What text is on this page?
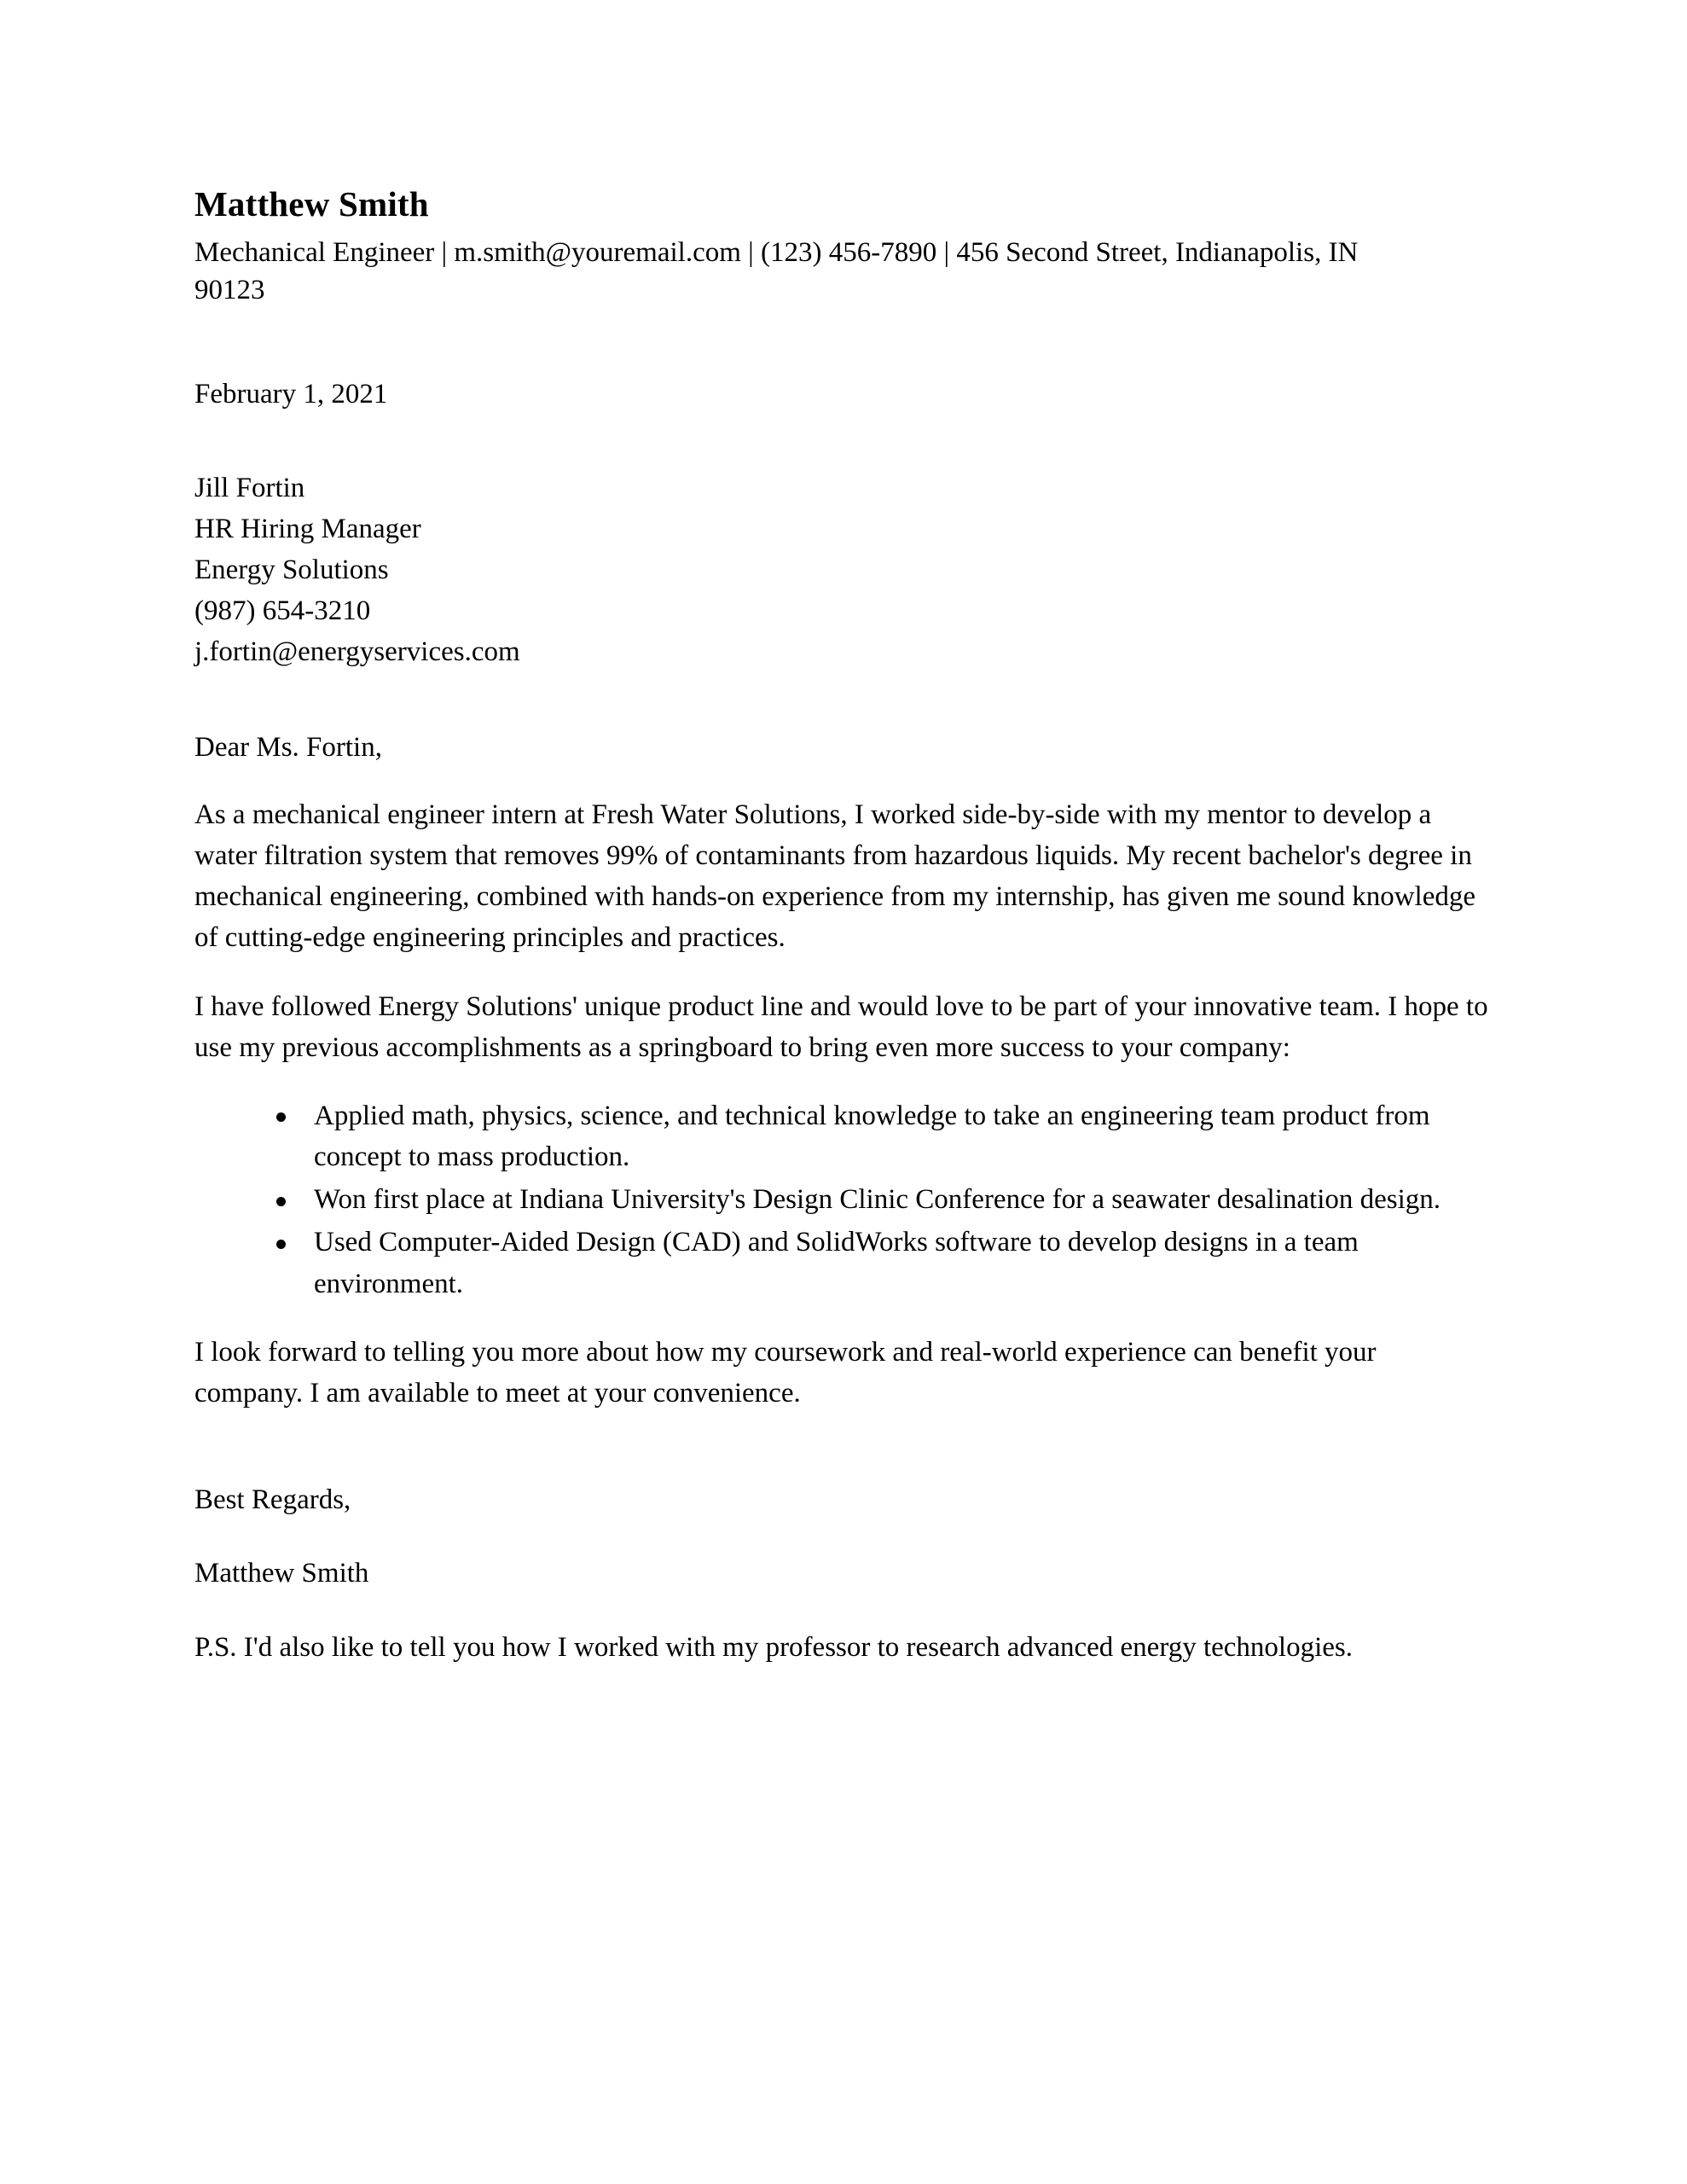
Matthew Smith

Mechanical Engineer | m.smith@youremail.com | (123) 456-7890 | 456 Second Street, Indianapolis, IN 90123

February 1, 2021

Jill Fortin
HR Hiring Manager
Energy Solutions
(987) 654-3210
j.fortin@energyservices.com

Dear Ms. Fortin,

As a mechanical engineer intern at Fresh Water Solutions, I worked side-by-side with my mentor to develop a water filtration system that removes 99% of contaminants from hazardous liquids. My recent bachelor's degree in mechanical engineering, combined with hands-on experience from my internship, has given me sound knowledge of cutting-edge engineering principles and practices.

I have followed Energy Solutions' unique product line and would love to be part of your innovative team. I hope to use my previous accomplishments as a springboard to bring even more success to your company:

Applied math, physics, science, and technical knowledge to take an engineering team product from concept to mass production.
Won first place at Indiana University's Design Clinic Conference for a seawater desalination design.
Used Computer-Aided Design (CAD) and SolidWorks software to develop designs in a team environment.

I look forward to telling you more about how my coursework and real-world experience can benefit your company. I am available to meet at your convenience.

Best Regards,

Matthew Smith

P.S. I'd also like to tell you how I worked with my professor to research advanced energy technologies.
